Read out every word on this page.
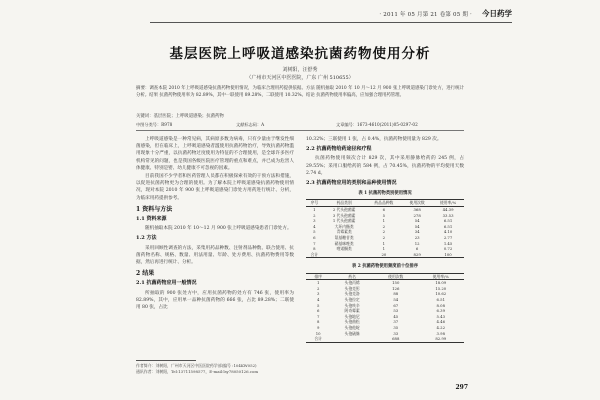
· 2011 年 05 月第 21 卷第 05 期 · 今日药学
基层医院上呼吸道感染抗菌药物使用分析
刘树阳，汪舒秀
（广州市天河区中医医院，广东 广州 510655）
摘要：调查本院 2010 年上呼吸道感染抗菌药物使用情况，为临床合理用药提供依据。方法 随机抽取 2010 年 10 月～12 月 900 张上呼吸道感染门诊处方，进行统计分析。结果 抗菌药物使用率为 82.89%，其中一联使用 89.28%，二联使用 10.32%。结论 抗菌药物使用率偏高，应加强合理用药管理。
关键词：基层医院；上呼吸道感染；抗菌药物
中图分类号：R978	文献标志码：A	文章编号：1673-4610(2011)05-0297-02

上呼吸道感染是一种常见病，其病原多数为病毒，只有少量由于继发性细菌感染，但在临床上，上呼吸道感染者滥使用抗菌药物治疗，导致抗菌药物滥用现象十分严重，以抗菌药物过度使用为特征的不合理使用，是全球许多医疗机构常见的问题，也是我国各级医院医疗管理的重点和难点，并已成为危害人体健康、特别是婴、幼儿健康不可忽视的因素。

目前我国不少学者和医药管理人员都在积极探索有效的干预方法和措施，以促进抗菌药物更为合理的使用。为了解本院上呼吸道感染抗菌药物使用情况，现对本院 2010 年 900 张上呼吸道感染门诊处方用药进行统计、分析，为临床用药提供参考。

1 资料与方法
1.1 资料来源

随机抽取本院 2010 年 10～12 月 900 张上呼吸道感染患者门诊处方。

1.2 方法

采用回顾性调查的方法，采集用药品种数、注射剂品种数、联合使用、抗菌药物名称、规格、数量、用法用量、年龄、处方费用、抗菌药物费用等数据，然后再进行统计、分析。

2 结果
2.1 抗菌药物应用一般情况

所抽取的 900 张处方中，应用抗菌药物的处方有 746 张，使用率为 82.89%，其中，应用单一品种抗菌药物的 666 张，占比 89.28%；二联使用 80 张，占比

10.32%；三联使用 1 张，占 0.4%，抗菌药物使用量为 829 次。

2.2 抗菌药物给药途径和疗程

抗菌药物使用频次合计 829 次，其中采用静脉给药的 245 例，占 29.55%；采用口服给药的 584 例，占 70.45%，抗菌药物的平均使用天数 2.74 d。

2.3 抗菌药物应用的类别和品种使用情况
表 1 抗菌药物类别使用情况
序号	药品类别	药品品种数	使用次数	使用率/%
1	2 代头孢菌素	6	368	44.39
2	3 代头孢菌素	5	278	33.53
3	1 代头孢菌素	1	54	6.51
4	大环内酯类	2	54	6.51
5	青霉素类	2	34	4.10
6	氨基糖苷类	2	23	2.77
7	硝基咪唑类	1	12	1.45
8	喹诺酮类	1	6	0.72
合计		20	829	100
表 2 抗菌药物使用频度前十位排序
排序	药名	使用次数	使用率/%
1	头孢丙烯	150	18.09
2	头孢克肟	126	15.20
3	头孢克洛	88	10.62
4	头孢拉定	54	6.51
5	头孢呋辛	67	8.08
6	阿奇霉素	53	6.39
7	头孢地尼	45	5.43
8	头孢曲松	37	4.46
9	头孢他啶	35	4.22
10	头孢硫脒	33	3.98
合计		688	82.99
作者简介：刘树阳，广州市天河区中医医院药学部(编号 :104KW052)
通讯作者：刘树阳，Tel:13711598577，E-mail:lsy78050126.com
297
